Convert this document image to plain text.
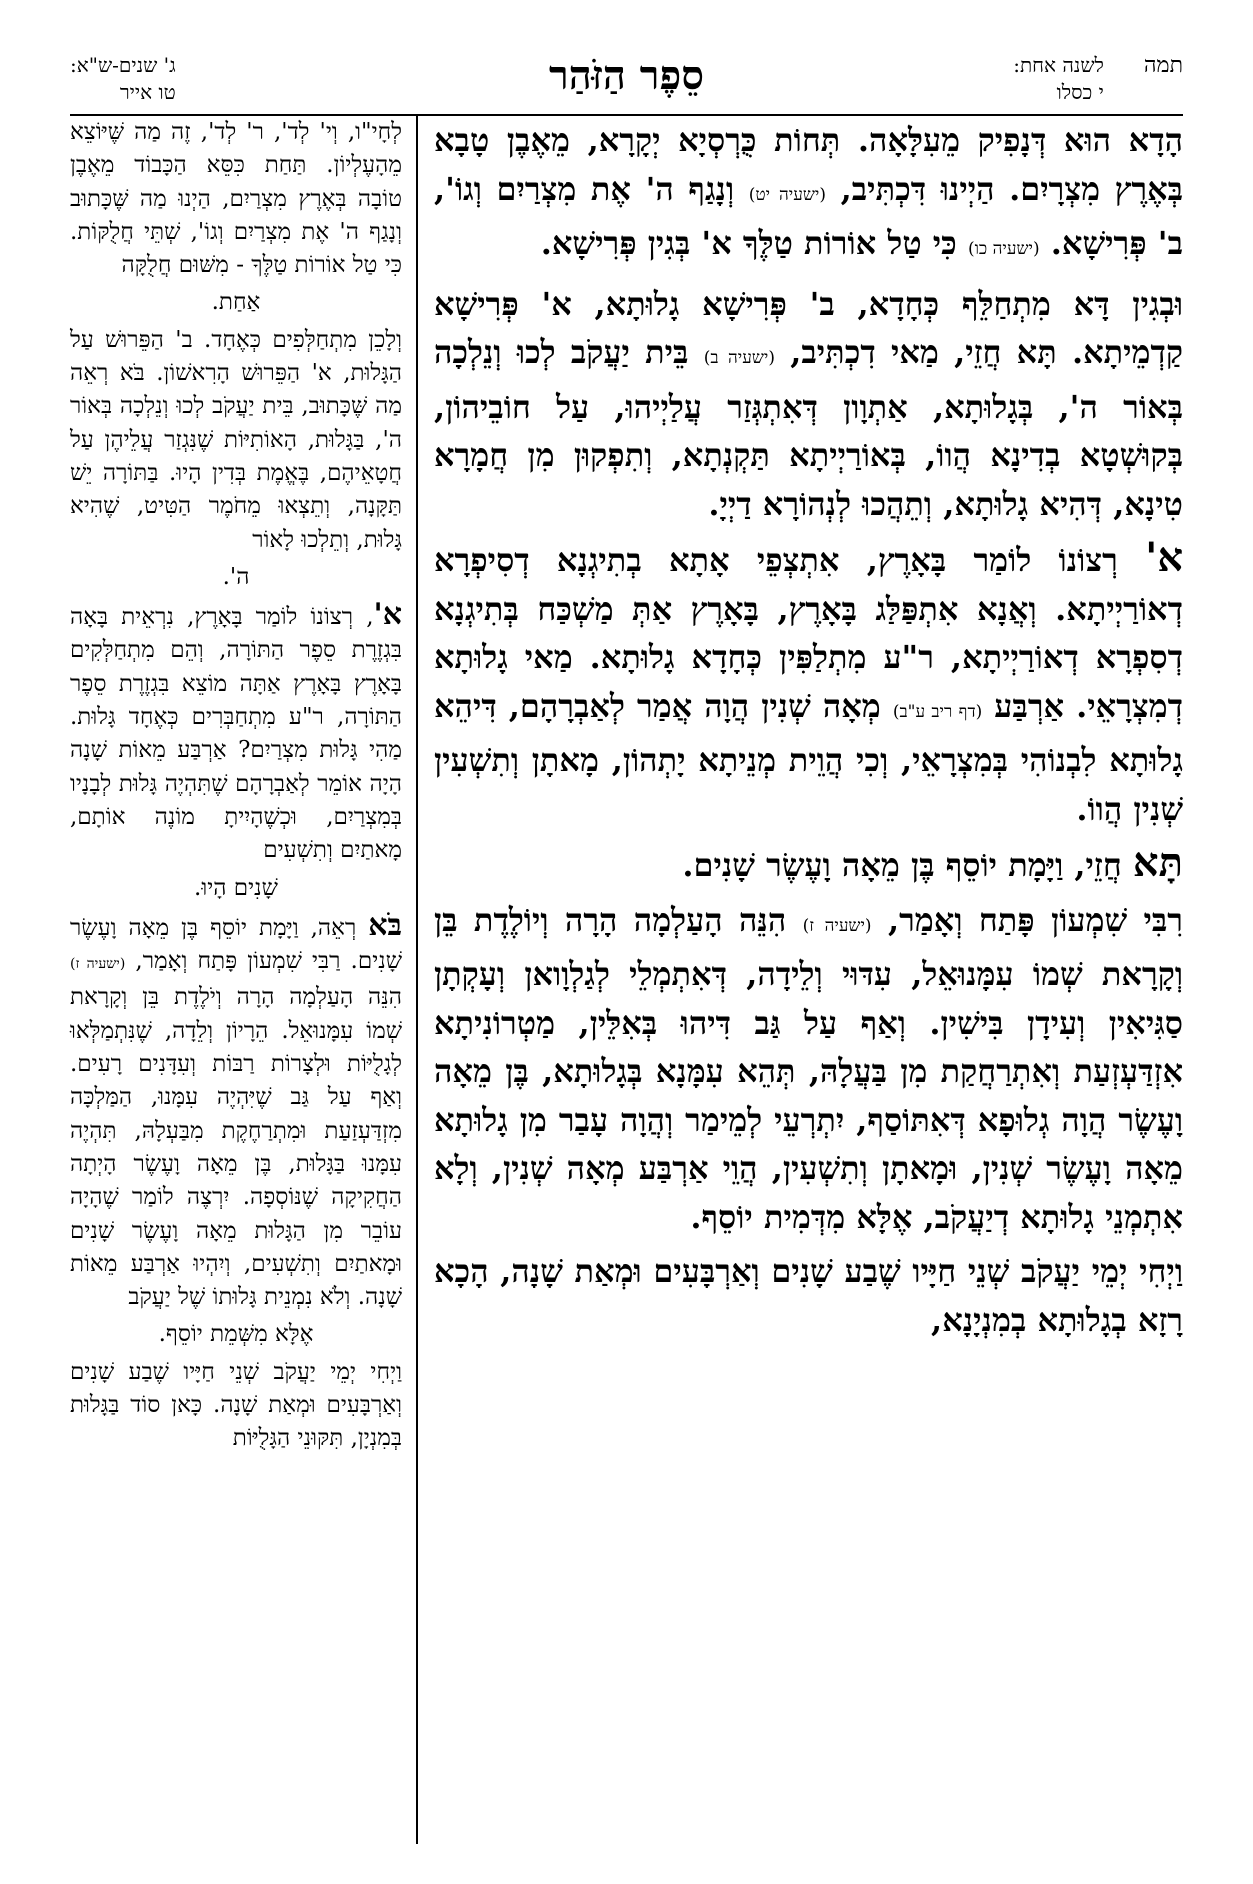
תמה
לשנה אחת:
י כסלו
סֵפֶר הַזֹּהַר
ג' שנים-ש"א:
טו אייר

הָדָא הוּא דְּנָפִיק מֵעִלָּאָה. תְּחוֹת כֻּרְסְיָא יְקָרָא, מֵאֶבֶן טָבָא בְּאֶרֶץ מִצְרָיִם. הַיְינוּ דִּכְתִּיב, (ישעיה יט) וְנָגַף ה' אֶת מִצְרַיִם וְגוֹ', ב' פְּרִישָׁא. (ישעיה כו) כִּי טַל אוֹרוֹת טַלֶּךָ א' בְּגִין פְּרִישָׁא.

וּבְגִין דָּא מִתְחַלֵּף כְּחָדָא, ב' פְּרִישָׁא גָלוּתָא, א' פְּרִישָׁא קַדְמֵיתָא. תָּא חֲזֵי, מַאי דִכְתִּיב, (ישעיה ב) בֵּית יַעֲקֹב לְכוּ וְנֵלְכָה בְּאוֹר ה', בְּגָלוּתָא, אַתְוָון דְּאִתְגְּזַר עֲלַיְיהוּ, עַל חוֹבֵיהוֹן, בְּקוּשְׁטָא בְדִינָא הֲווֹ, בְּאוֹרַיְיתָא תַּקְנְתָא, וְתִפְקוּן מִן חֲמָרָא טִינָא, דְּהִיא גָלוּתָא, וְתֵהֲכוּ לְנְהוֹרָא דַיְיָ.

א' רְצוֹנוֹ לוֹמַר בָּאָרֶץ, אִתְצְפֵי אָתָא בְתִיגְנָא דְסִיפְרָא דְאוֹרַיְיתָא. וְאֲנָא אִתְפַּלַּג בָּאָרֶץ, בָּאָרֶץ אַתְּ מַשְׁכַּח בְּתִיגְנָא דְסִפְרָא דְאוֹרַיְיתָא, ר"ע מִתְלַפִּין כְּחָדָא גָלוּתָא. מַאי גָלוּתָא דְמִצְרָאֵי. אַרְבַּע (דף ריב ע"ב) מְאָה שְׁנִין הֲוָה אֲמַר לְאַבְרָהָם, דִּיהֵא גָלוּתָא לִבְנוֹהִי בְּמִצְרָאֵי, וְכִי הֲוֵית מְנֵיתָא יָתְהוֹן, מָאתָן וְתִשְׁעִין שְׁנִין הֲווֹ.

תָּא חֲזֵי, וַיָּמָת יוֹסֵף בֶּן מֵאָה וָעֶשֶׂר שָׁנִים.

רִבִּי שִׁמְעוֹן פָּתַח וְאָמַר, (ישעיה ז) הִנֵּה הָעַלְמָה הָרָה וְיוֹלֶדֶת בֵּן וְקָרָאת שְׁמוֹ עִמָּנוּאֵל, עִדּוּי וְלֵידָה, דְּאִתְמְלֵי לְגַלְוָואן וְעָקְתָן סַגִּיאִין וְעִידָן בִּישִׁין. וְאַף עַל גַּב דִּיהוּ בְּאִלֵּין, מַטְרוֹנִיתָא אִזְדַּעְזְעַת וְאִתְרַחֲקַת מִן בַּעֲלָהּ, תְּהֵא עִמָּנָא בְּגָלוּתָא, בֶּן מֵאָה וָעֶשֶׂר הֲוָה גְלוּפָא דְּאִתּוֹסַף, יִתְרְעֵי לְמֵימַר וְהֲוָה עָבַר מִן גָלוּתָא מֵאָה וָעֶשֶׂר שְׁנִין, וּמָאתָן וְתִשְׁעִין, הֲוֵי אַרְבַּע מְאָה שְׁנִין, וְלָא אִתְמְנֵי גָלוּתָא דְיַעֲקֹב, אֶלָּא מִדְּמִית יוֹסֵף.

וַיְחִי יְמֵי יַעֲקֹב שְׁנֵי חַיָּיו שֶׁבַע שָׁנִים וְאַרְבָּעִים וּמְאַת שָׁנָה, הָכָא רָזָא בְגָלוּתָא בְמִנְיָנָא,

לְחָי"ו, וְי' לְד', ר' לְד', זֶה מַה שֶּׁיּוֹצֵא מֵהָעֶלְיוֹן. תַּחַת כִּסֵּא הַכָּבוֹד מֵאֶבֶן טוֹבָה בְּאֶרֶץ מִצְרַיִם, הַיְנוּ מַה שֶּׁכָּתוּב וְנָגַף ה' אֶת מִצְרַיִם וְגוֹ', שְׁתֵּי חֲלֻקּוֹת. כִּי טַל אוֹרוֹת טַלֶּךָ - מִשּׁוּם חֲלֻקָּה

אַחַת.

וְלָכֵן מִתְחַלְּפִים כְּאֶחָד. ב' הַפֵּרוּשׁ עַל הַגָּלוּת, א' הַפֵּרוּשׁ הָרִאשׁוֹן. בֹּא רְאֵה מַה שֶּׁכָּתוּב, בֵּית יַעֲקֹב לְכוּ וְנֵלְכָה בְּאוֹר ה', בַּגָּלוּת, הָאוֹתִיּוֹת שֶׁנִּגְזַר עֲלֵיהֶן עַל חֲטָאֵיהֶם, בֶּאֱמֶת בְּדִין הָיוּ. בַּתּוֹרָה יֵשׁ תַּקָּנָה, וְתֵצְאוּ מֵחֹמֶר הַטִּיט, שֶׁהִיא גָּלוּת, וְתֵלְכוּ לָאוֹר

ה'.

א', רְצוֹנוֹ לוֹמַר בָּאָרֶץ, נִרְאֵית בָּאָה בִּגְזֶרֶת סֵפֶר הַתּוֹרָה, וְהֵם מִתְחַלְּקִים בָּאָרֶץ בָּאָרֶץ אַתָּה מוֹצֵא בִּגְזֶרֶת סֵפֶר הַתּוֹרָה, ר"ע מִתְחַבְּרִים כְּאֶחָד גָּלוּת. מַהִי גָּלוּת מִצְרַיִם? אַרְבַּע מֵאוֹת שָׁנָה הָיָה אוֹמֵר לְאַבְרָהָם שֶׁתִּהְיֶה גָּלוּת לְבָנָיו בְּמִצְרַיִם, וּכְשֶׁהָיִיתָ מוֹנֶה אוֹתָם, מָאתַיִם וְתִשְׁעִים

שָׁנִים הָיוּ.

בֹּא רְאֵה, וַיָּמָת יוֹסֵף בֶּן מֵאָה וָעֶשֶׂר שָׁנִים. רַבִּי שִׁמְעוֹן פָּתַח וְאָמַר, (ישעיה ז) הִנֵּה הָעַלְמָה הָרָה וְיֹלֶדֶת בֵּן וְקָרָאת שְׁמוֹ עִמָּנוּאֵל. הֵרָיוֹן וְלֵדָה, שֶׁנִּתְמַלְּאוּ לְגָלֻיּוֹת וּלְצָרוֹת רַבּוֹת וְעִדָּנִים רָעִים. וְאַף עַל גַּב שֶׁיִּהְיֶה עִמָּנוּ, הַמַּלְכָּה מִזְדַּעְזַעַת וּמִתְרַחֶקֶת מִבַּעְלָהּ, תִּהְיֶה עִמָּנוּ בַּגָּלוּת, בֶּן מֵאָה וָעֶשֶׂר הָיְתָה הַחֲקִיקָה שֶׁנּוֹסְפָה. יִרְצֶה לוֹמַר שֶׁהָיָה עוֹבֵר מִן הַגָּלוּת מֵאָה וָעֶשֶׂר שָׁנִים וּמָאתַיִם וְתִשְׁעִים, וְיִהְיוּ אַרְבַּע מֵאוֹת שָׁנָה. וְלֹא נִמְנֵית גָּלוּתוֹ שֶׁל יַעֲקֹב

אֶלָּא מִשְּׁמֵת יוֹסֵף.

וַיְחִי יְמֵי יַעֲקֹב שְׁנֵי חַיָּיו שֶׁבַע שָׁנִים וְאַרְבָּעִים וּמְאַת שָׁנָה. כָּאן סוֹד בַּגָּלוּת בְּמִנְיָן, תִּקּוּנֵי הַגָּלֻיּוֹת
